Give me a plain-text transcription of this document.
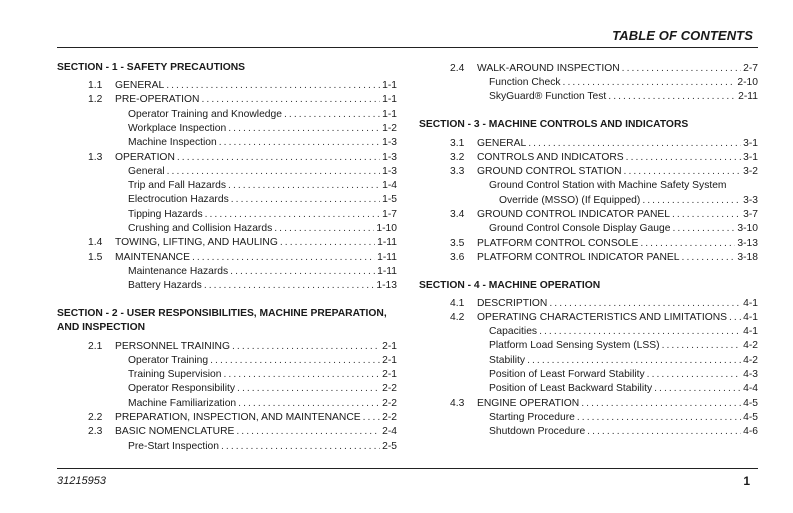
TABLE OF CONTENTS
SECTION - 1 - SAFETY PRECAUTIONS
1.1	GENERAL . . .	1-1
1.2	PRE-OPERATION . . .	1-1
Operator Training and Knowledge . . .	1-1
Workplace Inspection . . .	1-2
Machine Inspection . . .	1-3
1.3	OPERATION . . .	1-3
General . . .	1-3
Trip and Fall Hazards . . .	1-4
Electrocution Hazards . . .	1-5
Tipping Hazards . . .	1-7
Crushing and Collision Hazards . . .	1-10
1.4	TOWING, LIFTING, AND HAULING . . .	1-11
1.5	MAINTENANCE . . .	1-11
Maintenance Hazards . . .	1-11
Battery Hazards . . .	1-13
SECTION - 2 - USER RESPONSIBILITIES, MACHINE PREPARATION,
AND INSPECTION
2.1	PERSONNEL TRAINING . . .	2-1
Operator Training . . .	2-1
Training Supervision . . .	2-1
Operator Responsibility . . .	2-2
Machine Familiarization . . .	2-2
2.2	PREPARATION, INSPECTION, AND MAINTENANCE . . . 2-2
2.3	BASIC NOMENCLATURE . . .	2-4
Pre-Start Inspection . . .	2-5
2.4	WALK-AROUND INSPECTION . . .	2-7
Function Check . . .	2-10
SkyGuard® Function Test . . .	2-11
SECTION - 3 - MACHINE CONTROLS AND INDICATORS
3.1	GENERAL . . .	3-1
3.2	CONTROLS AND INDICATORS . . .	3-1
3.3	GROUND CONTROL STATION . . .	3-2
Ground Control Station with Machine Safety System
Override (MSSO) (If Equipped) . . .	3-3
3.4	GROUND CONTROL INDICATOR PANEL . . .	3-7
Ground Control Console Display Gauge . . .	3-10
3.5	PLATFORM CONTROL CONSOLE . . .	3-13
3.6	PLATFORM CONTROL INDICATOR PANEL . . .	3-18
SECTION - 4 - MACHINE OPERATION
4.1	DESCRIPTION . . .	4-1
4.2	OPERATING CHARACTERISTICS AND LIMITATIONS . . . 4-1
Capacities . . .	4-1
Platform Load Sensing System (LSS) . . .	4-2
Stability . . .	4-2
Position of Least Forward Stability . . .	4-3
Position of Least Backward Stability . . .	4-4
4.3	ENGINE OPERATION . . .	4-5
Starting Procedure . . .	4-5
Shutdown Procedure . . .	4-6
31215953	1
